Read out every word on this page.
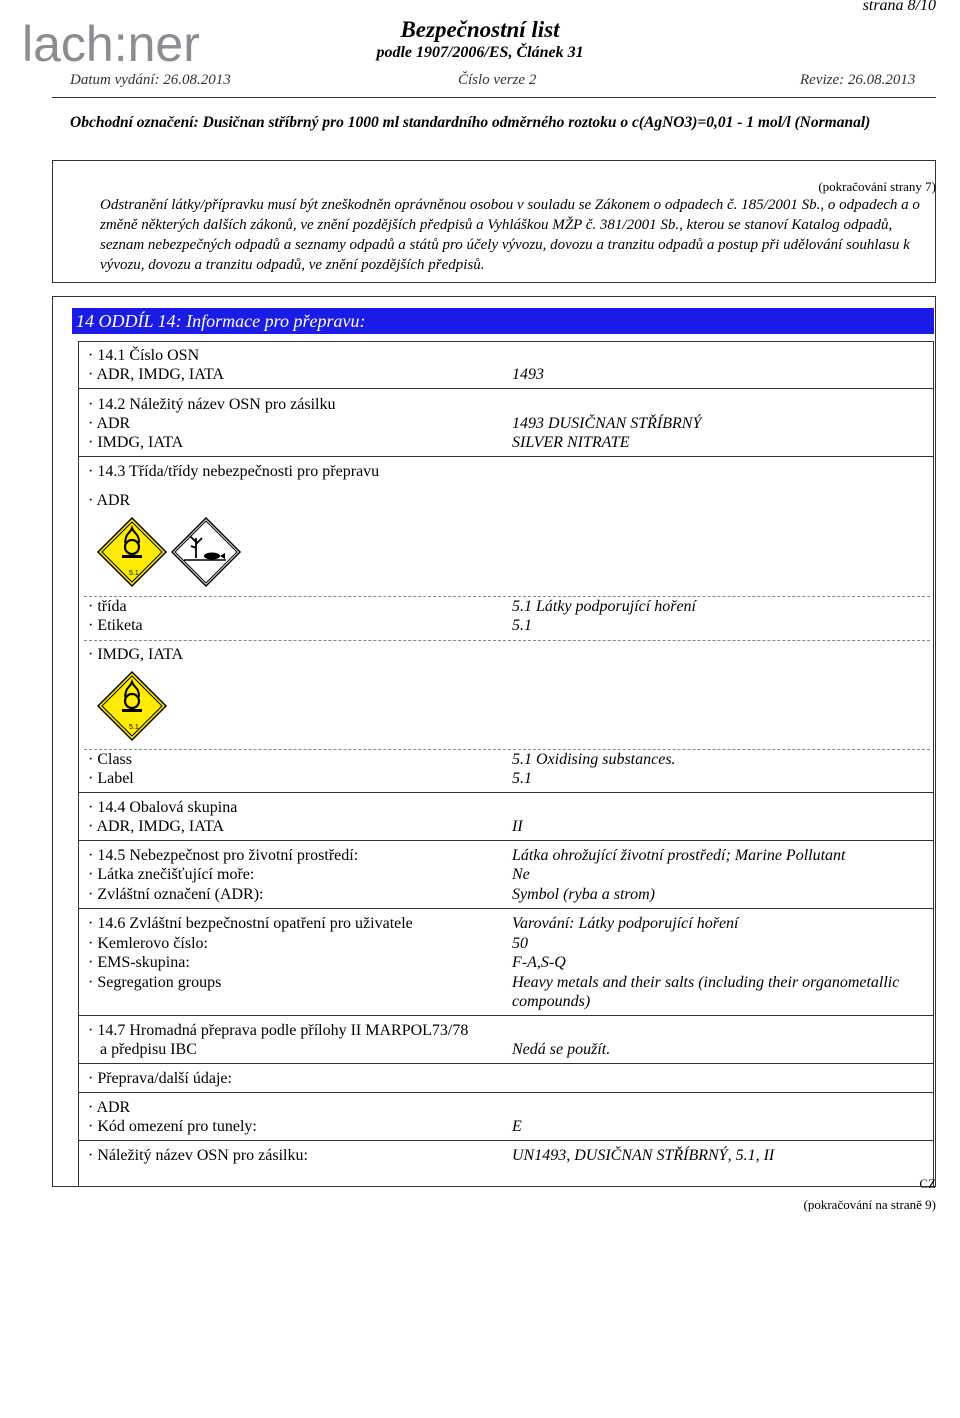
lach:ner
strana 8/10
Bezpečnostní list
podle 1907/2006/ES, Článek 31
Datum vydání: 26.08.2013	Číslo verze 2	Revize: 26.08.2013
Obchodní označení: Dusičnan stříbrný pro 1000 ml standardního odměrného roztoku o c(AgNO3)=0,01 - 1 mol/l (Normanal)
(pokračování strany 7)
Odstranění látky/přípravku musí být zneškodněn oprávněnou osobou v souladu se Zákonem o odpadech č. 185/2001 Sb., o odpadech a o změně některých dalších zákonů, ve znění pozdějších předpisů a Vyhláškou MŽP č. 381/2001 Sb., kterou se stanoví Katalog odpadů, seznam nebezpečných odpadů a seznamy odpadů a států pro účely vývozu, dovozu a tranzitu odpadů a postup při udělování souhlasu k vývozu, dovozu a tranzitu odpadů, ve znění pozdějších předpisů.
14 ODDÍL 14: Informace pro přepravu:
· 14.1 Číslo OSN
· ADR, IMDG, IATA	1493
· 14.2 Náležitý název OSN pro zásilku
· ADR	1493 DUSIČNAN STŘÍBRNÝ
· IMDG, IATA	SILVER NITRATE
· 14.3 Třída/třídy nebezpečnosti pro přepravu
· ADR
5.1
· třída	5.1 Látky podporující hoření
· Etiketa	5.1
· IMDG, IATA
5.1
· Class	5.1 Oxidising substances.
· Label	5.1
· 14.4 Obalová skupina
· ADR, IMDG, IATA	II
· 14.5 Nebezpečnost pro životní prostředí:	Látka ohrožující životní prostředí; Marine Pollutant
· Látka znečišťující moře:	Ne
· Zvláštní označení (ADR):	Symbol (ryba a strom)
· 14.6 Zvláštní bezpečnostní opatření pro uživatele	Varování: Látky podporující hoření
· Kemlerovo číslo:	50
· EMS-skupina:	F-A,S-Q
· Segregation groups	Heavy metals and their salts (including their organometallic
compounds)
· 14.7 Hromadná přeprava podle přílohy II MARPOL73/78
a předpisu IBC	Nedá se použít.
· Přeprava/další údaje:
· ADR
· Kód omezení pro tunely:	E
· Náležitý název OSN pro zásilku:	UN1493, DUSIČNAN STŘÍBRNÝ, 5.1, II
CZ
(pokračování na straně 9)
